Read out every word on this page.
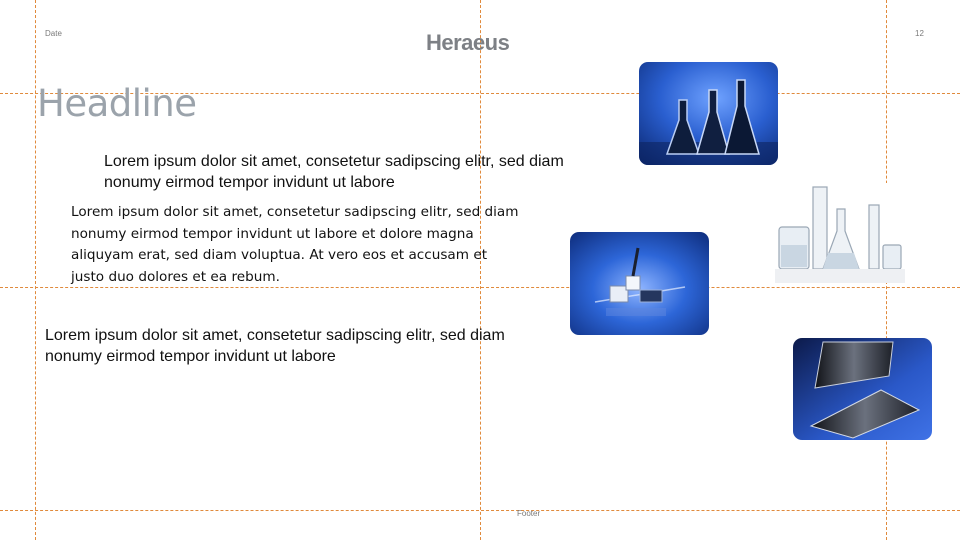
Date	Heraeus	12
Headline
Lorem ipsum dolor sit amet, consetetur sadipscing elitr, sed diam nonumy eirmod tempor invidunt ut labore
Lorem ipsum dolor sit amet, consetetur sadipscing elitr, sed diam nonumy eirmod tempor invidunt ut labore et dolore magna aliquyam erat, sed diam voluptua. At vero eos et accusam et justo duo dolores et ea rebum.
Lorem ipsum dolor sit amet, consetetur sadipscing elitr, sed diam nonumy eirmod tempor invidunt ut labore
Footer
